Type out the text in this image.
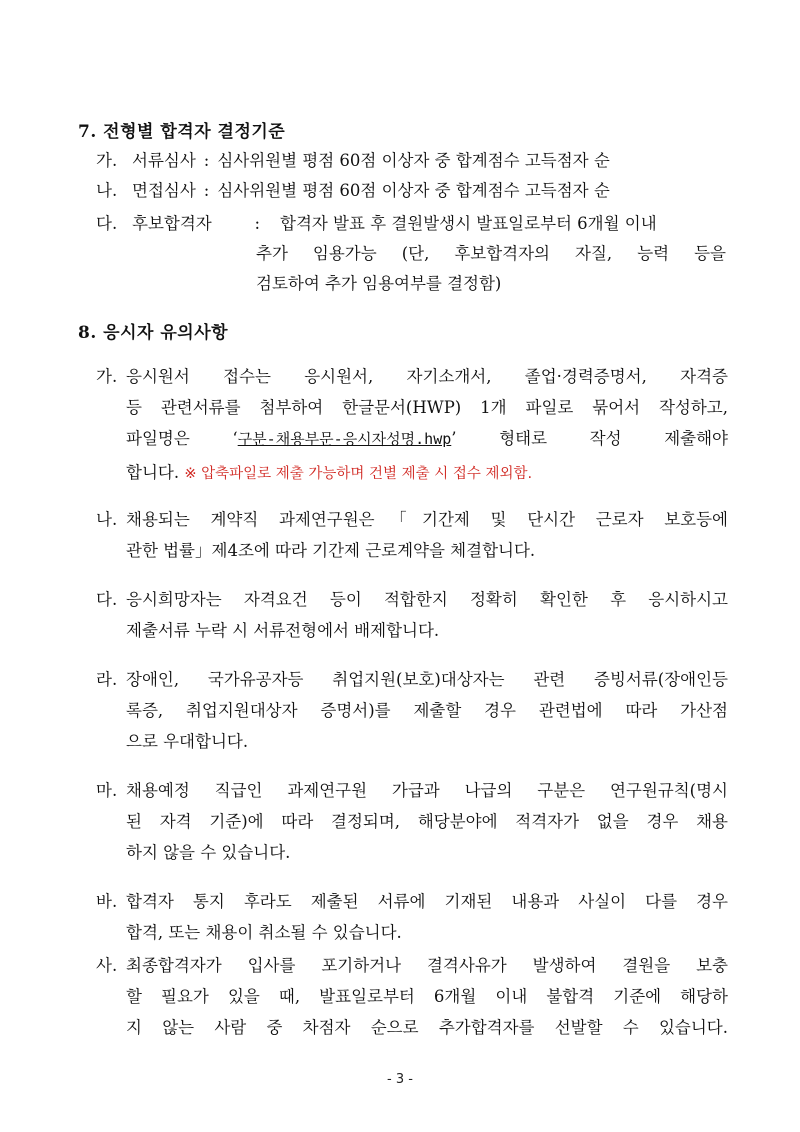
7. 전형별 합격자 결정기준
가. 서류심사 : 심사위원별 평점 60점 이상자 중 합계점수 고득점자 순
나. 면접심사 : 심사위원별 평점 60점 이상자 중 합계점수 고득점자 순
다. 후보합격자	: 합격자 발표 후 결원발생시 발표일로부터 6개월 이내
추가 임용가능 (단, 후보합격자의 자질, 능력 등을
검토하여 추가 임용여부를 결정함)
8. 응시자 유의사항
가. 응시원서 접수는 응시원서, 자기소개서, 졸업·경력증명서, 자격증
등 관련서류를 첨부하여 한글문서(HWP) 1개 파일로 묶어서 작성하고,
파일명은 ‘구분-채용부문-응시자성명.hwp’ 형태로 작성 제출해야
합니다. ※ 압축파일로 제출 가능하며 건별 제출 시 접수 제외함.
나. 채용되는 계약직 과제연구원은「기간제 및 단시간 근로자 보호등에
관한 법률」제4조에 따라 기간제 근로계약을 체결합니다.
다. 응시희망자는 자격요건 등이 적합한지 정확히 확인한 후 응시하시고
제출서류 누락 시 서류전형에서 배제합니다.
라. 장애인, 국가유공자등 취업지원(보호)대상자는 관련 증빙서류(장애인등
록증, 취업지원대상자 증명서)를 제출할 경우 관련법에 따라 가산점
으로 우대합니다.
마. 채용예정 직급인 과제연구원 가급과 나급의 구분은 연구원규칙(명시
된 자격 기준)에 따라 결정되며, 해당분야에 적격자가 없을 경우 채용
하지 않을 수 있습니다.
바. 합격자 통지 후라도 제출된 서류에 기재된 내용과 사실이 다를 경우
합격, 또는 채용이 취소될 수 있습니다.
사. 최종합격자가 입사를 포기하거나 결격사유가 발생하여 결원을 보충
할 필요가 있을 때, 발표일로부터 6개월 이내 불합격 기준에 해당하
지 않는 사람 중 차점자 순으로 추가합격자를 선발할 수 있습니다.
- 3 -
